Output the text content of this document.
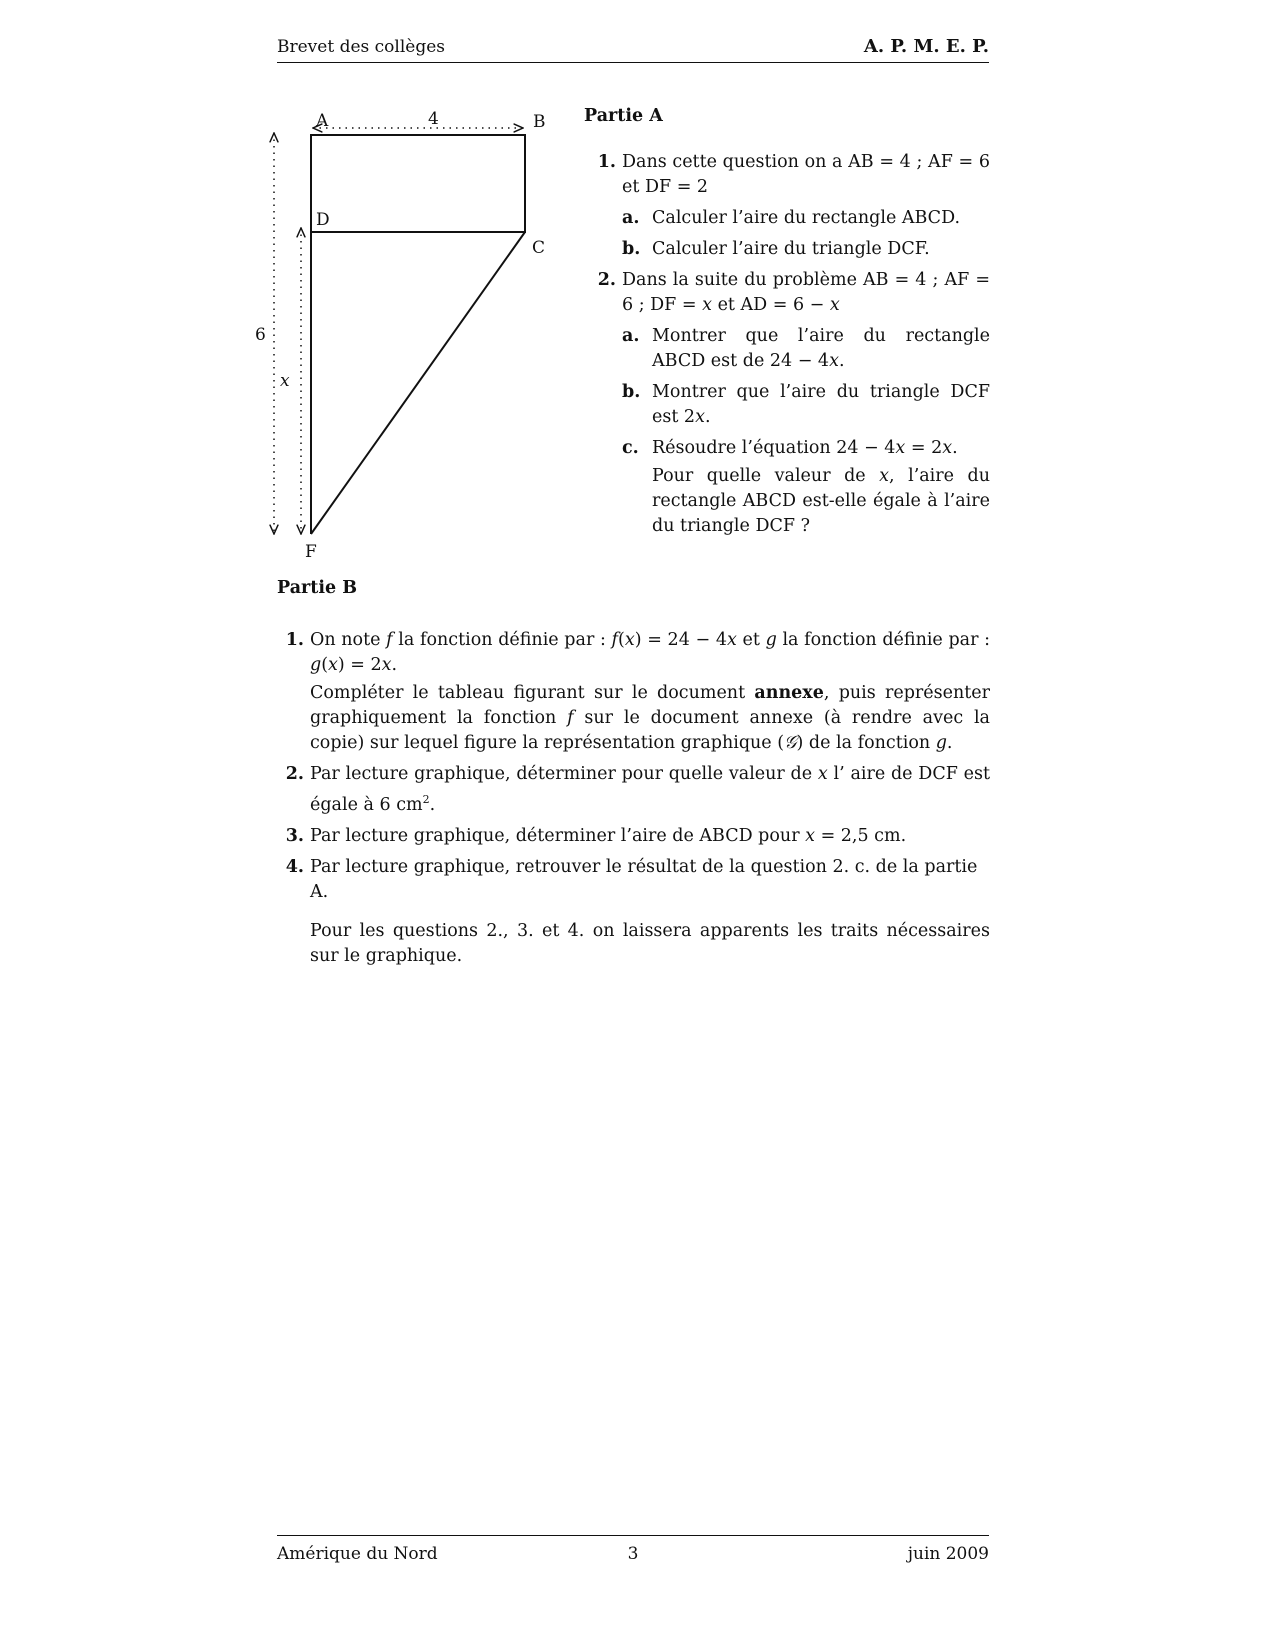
Brevet des collèges	A. P. M. E. P.
A	B
C
D
F
4
6
x
Partie A
1. Dans cette question on a AB = 4 ; AF = 6 et DF = 2

a. Calculer l’aire du rectangle ABCD.

b. Calculer l’aire du triangle DCF.

2. Dans la suite du problème AB = 4 ; AF = 6 ; DF = x et AD = 6 − x

a. Montrer que l’aire du rectangle ABCD est de 24 − 4x.

b. Montrer que l’aire du triangle DCF est 2x.

c. Résoudre l’équation 24 − 4x = 2x.

Pour quelle valeur de x, l’aire du rectangle ABCD est-elle égale à l’aire du triangle DCF ?

Partie B
1. On note f la fonction définie par : f(x) = 24 − 4x et g la fonction définie par : g(x) = 2x.

Compléter le tableau figurant sur le document annexe, puis représenter graphiquement la fonction f sur le document annexe (à rendre avec la copie) sur lequel figure la représentation graphique (𝒢) de la fonction g.

2. Par lecture graphique, déterminer pour quelle valeur de x l’ aire de DCF est égale à 6 $cm^2$.

3. Par lecture graphique, déterminer l’aire de ABCD pour x = 2,5 cm.

4. Par lecture graphique, retrouver le résultat de la question 2. c. de la partie A.

Pour les questions 2., 3. et 4. on laissera apparents les traits nécessaires sur le graphique.

Amérique du Nord	3	juin 2009
